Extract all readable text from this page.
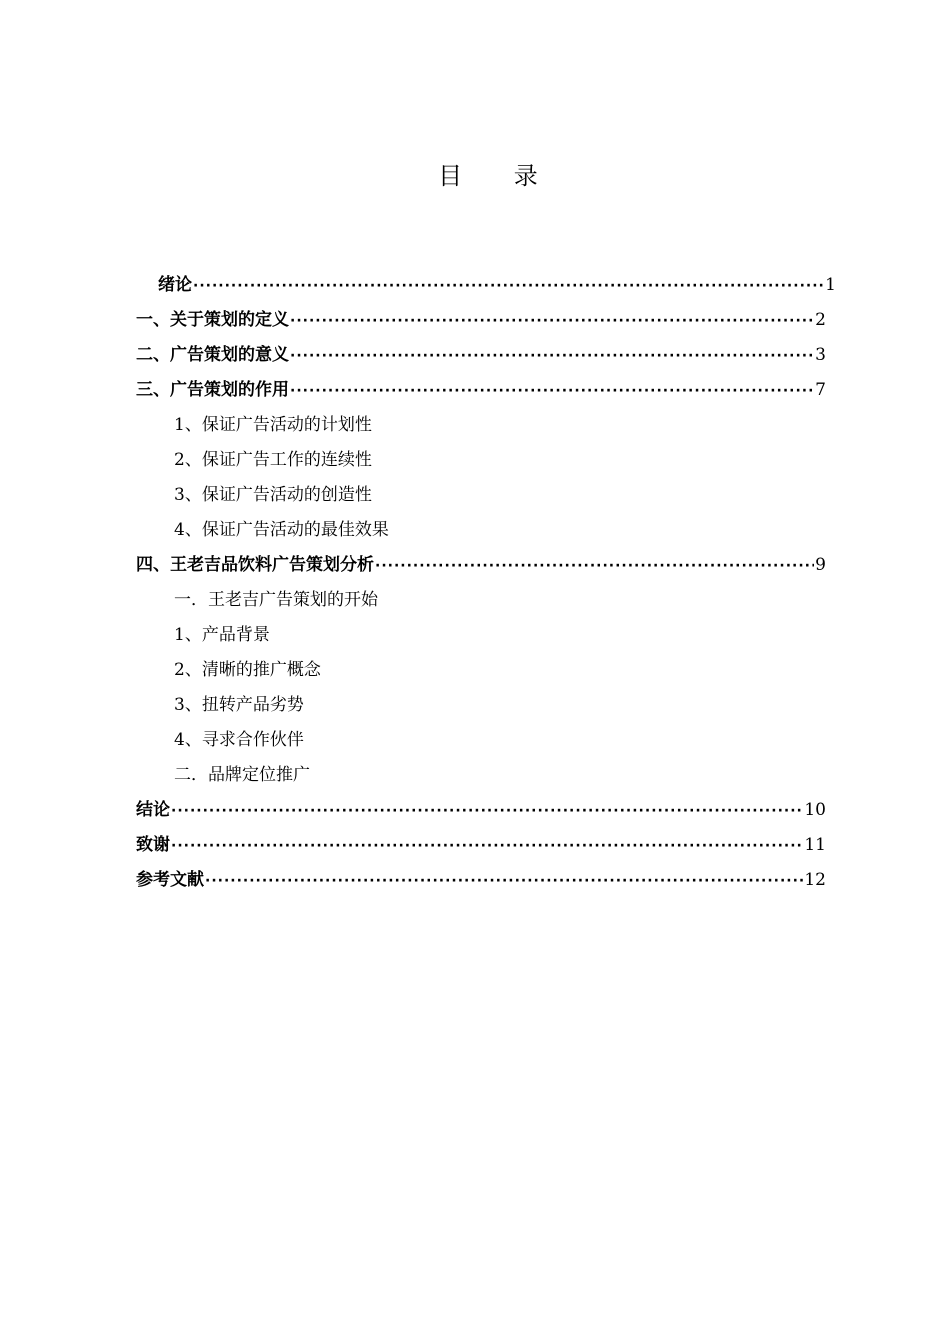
目 录
绪论 ·····	1
一、关于策划的定义 ·····	2
二、广告策划的意义 ·····	3
三、广告策划的作用 ·····	7
1、保证广告活动的计划性
2、保证广告工作的连续性
3、保证广告活动的创造性
4、保证广告活动的最佳效果
四、王老吉品饮料广告策划分析 ·····	9
一．王老吉广告策划的开始
1、产品背景
2、清晰的推广概念
3、扭转产品劣势
4、寻求合作伙伴
二．品牌定位推广
结论 ·····	10
致谢 ·····	11
参考文献 ·····	12
